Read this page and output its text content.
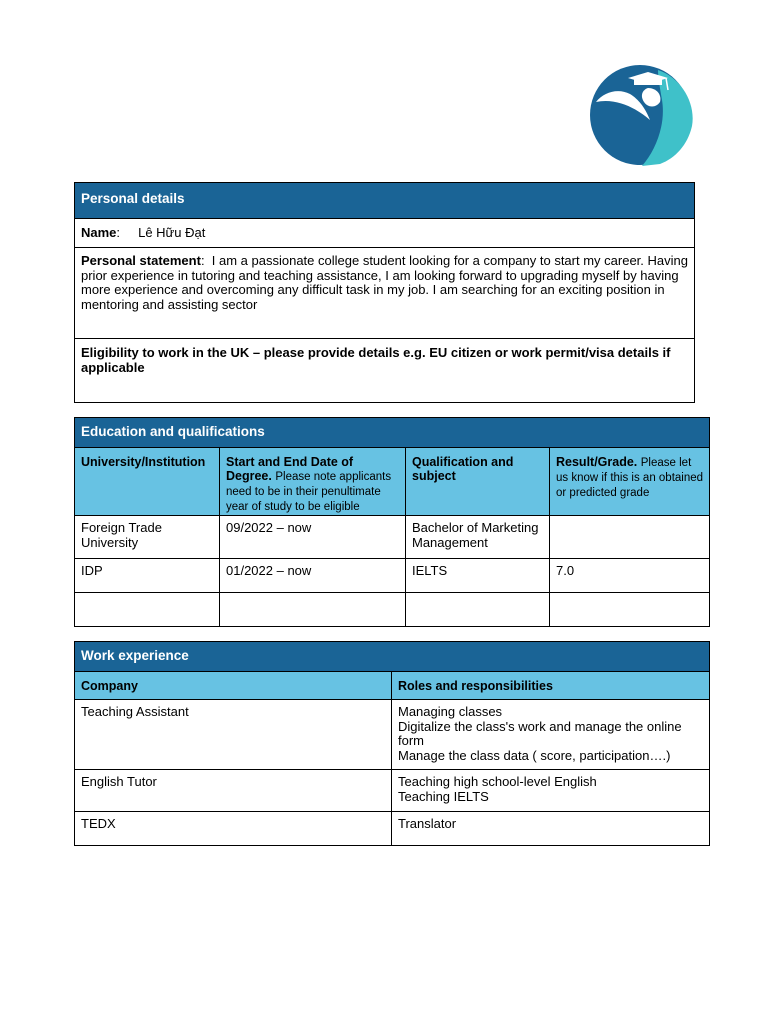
Personal details
Name:     Lê Hữu Đạt
Personal statement:  I am a passionate college student looking for a company to start my career. Having prior experience in tutoring and teaching assistance, I am looking forward to upgrading myself by having more experience and overcoming any difficult task in my job. I am searching for an exciting position in mentoring and assisting sector
Eligibility to work in the UK – please provide details e.g. EU citizen or work permit/visa details if applicable
Education and qualifications			
University/Institution	Start and End Date of Degree. Please note applicants need to be in their penultimate year of study to be eligible	Qualification and subject	Result/Grade. Please let us know if this is an obtained or predicted grade
Foreign Trade University	09/2022 – now	Bachelor of Marketing Management	
IDP	01/2022 – now	IELTS	7.0

Work experience	
Company	Roles and responsibilities
Teaching Assistant	Managing classes
Digitalize the class's work and manage the online form
Manage the class data ( score, participation….)

English Tutor	Teaching high school-level English
Teaching IELTS

TEDX	Translator
